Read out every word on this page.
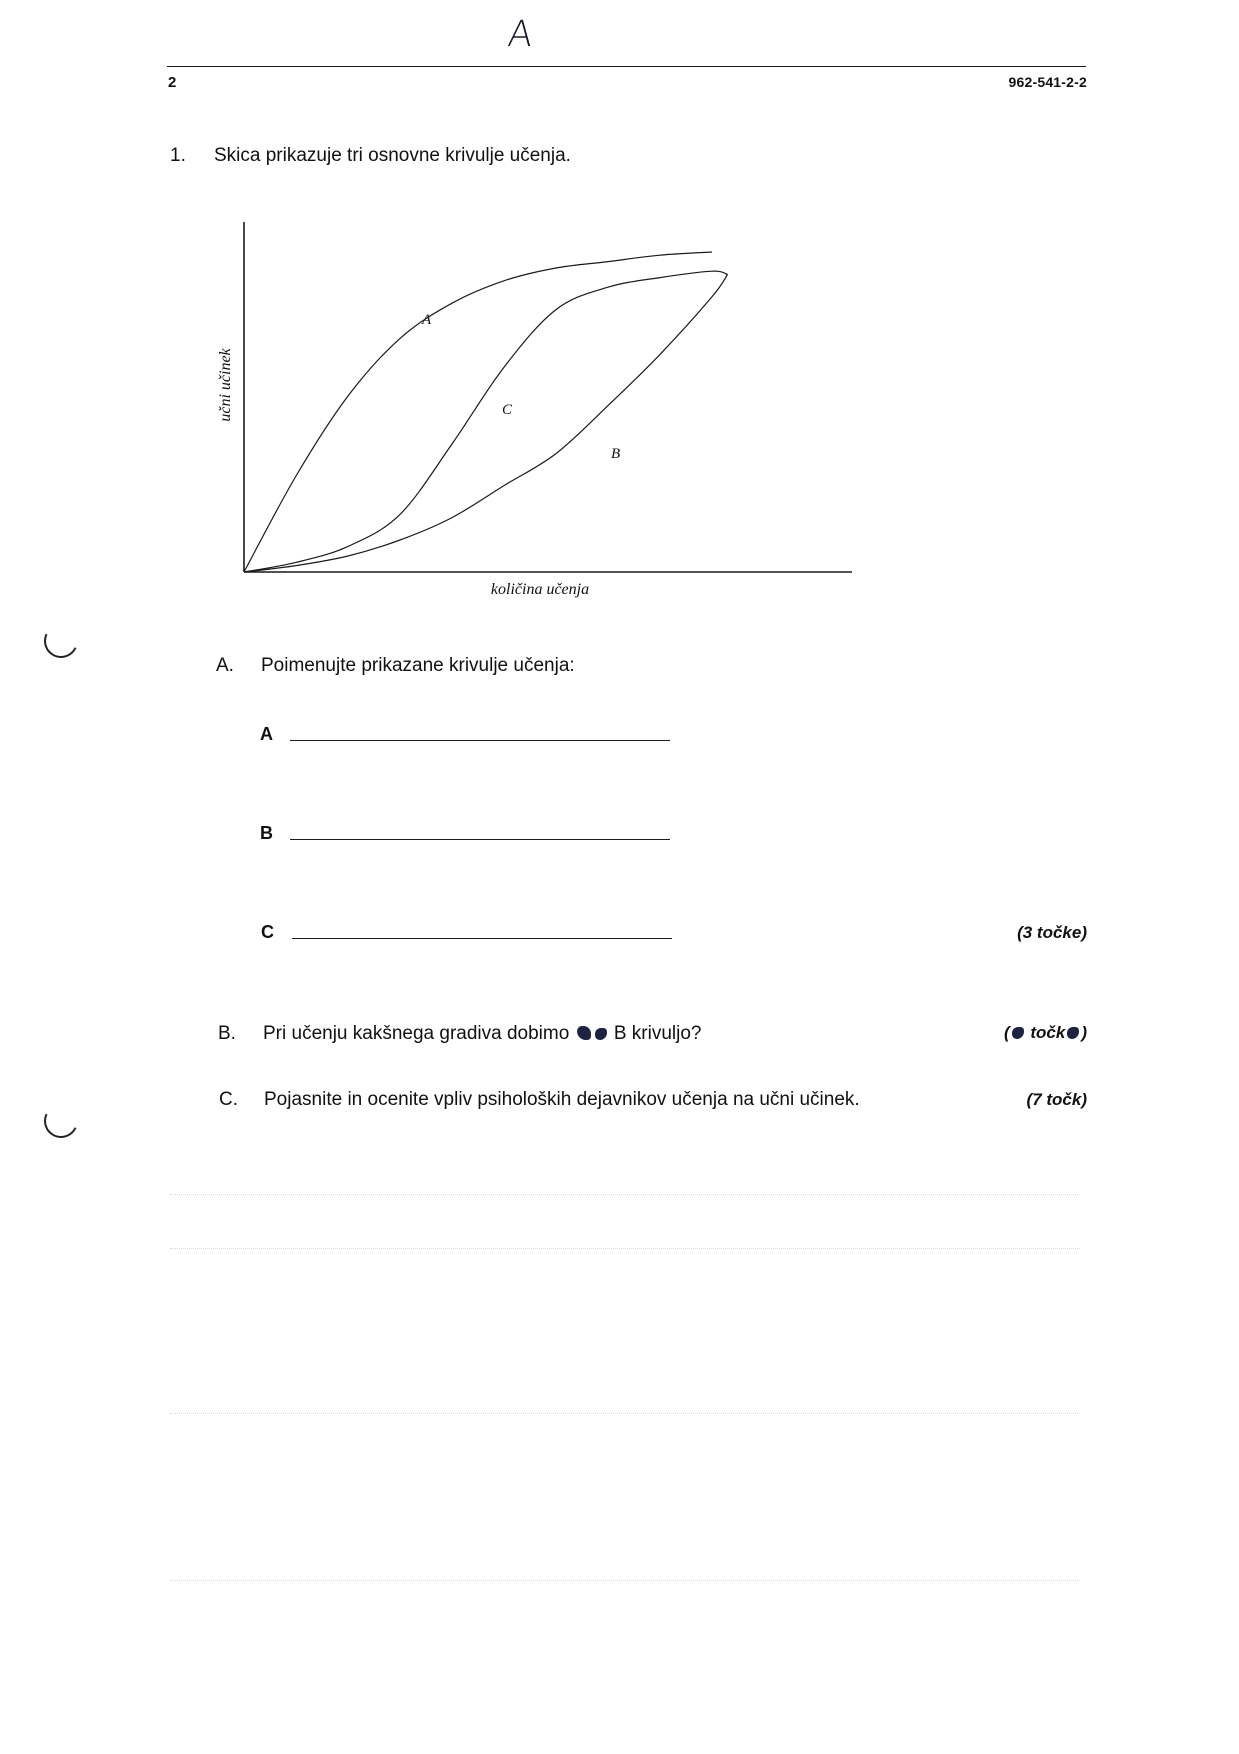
A
2	962-541-2-2
1. Skica prikazuje tri osnovne krivulje učenja.
količina učenja
učni učinek
A
C
B
A. Poimenujte prikazane krivulje učenja:
A
B
C	(3 točke)
B. Pri učenju kakšnega gradiva dobimo B krivuljo?	( točk )
C. Pojasnite in ocenite vpliv psiholoških dejavnikov učenja na učni učinek.	(7 točk)
